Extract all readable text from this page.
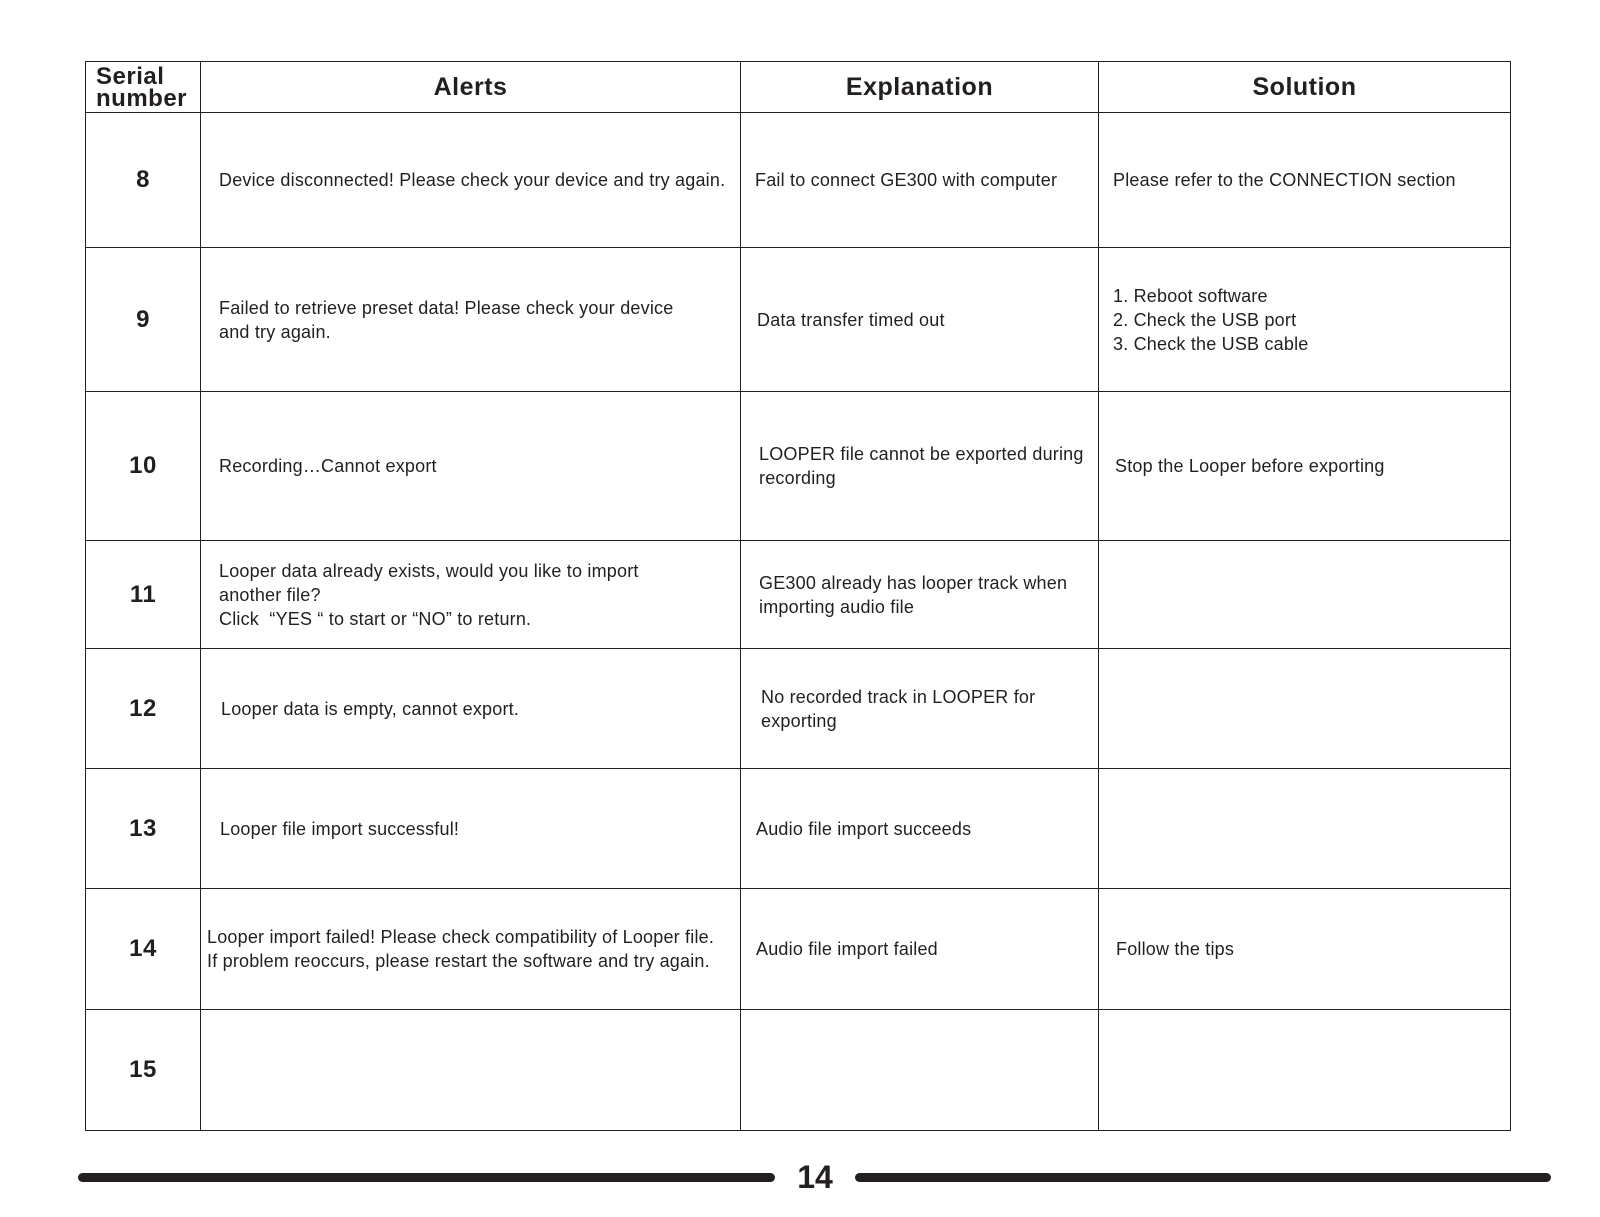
Serial
number	Alerts	Explanation	Solution
8	Device disconnected! Please check your device and try again.	Fail to connect GE300 with computer	Please refer to the CONNECTION section

9	Failed to retrieve preset data! Please check your device
and try again.	Data transfer timed out	1. Reboot software
2. Check the USB port
3. Check the USB cable

10	Recording…Cannot export	LOOPER file cannot be exported during
recording	Stop the Looper before exporting

11	Looper data already exists, would you like to import
another file?
Click  “YES “ to start or “NO” to return.	GE300 already has looper track when
importing audio file	

12	Looper data is empty, cannot export.	No recorded track in LOOPER for
exporting	

13	Looper file import successful!	Audio file import succeeds	

14	Looper import failed! Please check compatibility of Looper file.
If problem reoccurs, please restart the software and try again.	Audio file import failed	Follow the tips

15			
14
